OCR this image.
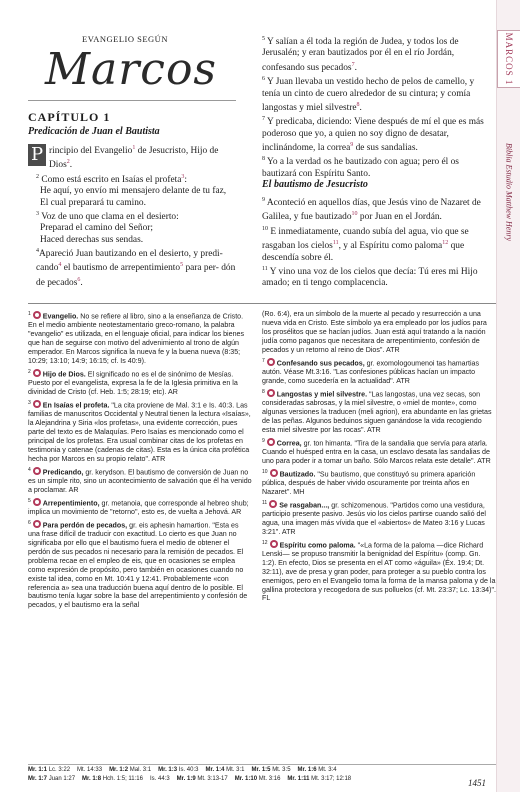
MARCOS 1
Biblia Estudio Matthew Henry
EVANGELIO SEGÚN
Marcos
CAPÍTULO 1
Predicación de Juan el Bautista

P rincipio del Evangelio$^1$ de Jesucristo, Hijo de Dios$^2$.

$^2$ Como está escrito en Isaías el profeta$^3$:

He aquí, yo envío mi mensajero delante de tu faz,

El cual preparará tu camino.

$^3$ Voz de uno que clama en el desierto:

Preparad el camino del Señor;

Haced derechas sus sendas.

$^4$Apareció Juan bautizando en el desierto, y predi- cando$^4$ el bautismo de arrepentimiento$^5$ para per- dón de pecados$^6$.

$^5$ Y salían a él toda la región de Judea, y todos los de Jerusalén; y eran bautizados por él en el río Jordán, confesando sus pecados$^7$.

$^6$ Y Juan llevaba un vestido hecho de pelos de camello, y tenía un cinto de cuero alrededor de su cintura; y comía langostas y miel silvestre$^8$.

$^7$ Y predicaba, diciendo: Viene después de mí el que es más poderoso que yo, a quien no soy digno de desatar, inclinándome, la correa$^9$ de sus sandalias.

$^8$ Yo a la verdad os he bautizado con agua; pero él os bautizará con Espíritu Santo.

El bautismo de Jesucristo

$^9$ Aconteció en aquellos días, que Jesús vino de Nazaret de Galilea, y fue bautizado$^{10}$ por Juan en el Jordán.

$^{10}$ E inmediatamente, cuando subía del agua, vio que se rasgaban los cielos$^{11}$, y al Espíritu como paloma$^{12}$ que descendía sobre él.

$^{11}$ Y vino una voz de los cielos que decía: Tú eres mi Hijo amado; en ti tengo complacencia.

$^1$ Evangelio. No se refiere al libro, sino a la enseñanza de Cristo. En el medio ambiente neotestamentario greco-romano, la palabra "evangelio" es utilizada, en el lenguaje oficial, para indicar los bienes que han de seguirse con motivo del advenimiento al trono de algún emperador. En Marcos significa la nueva fe y la buena nueva (8:35; 10:29; 13:10; 14:9; 16:15; cf. Is 40:9).

$^2$ Hijo de Dios. El significado no es el de sinónimo de Mesías. Puesto por el evangelista, expresa la fe de la Iglesia primitiva en la divinidad de Cristo (cf. Heb. 1:5; 28:19; etc). AR

$^3$ En Isaías el profeta. "La cita proviene de Mal. 3:1 e Is. 40:3. Las familias de manuscritos Occidental y Neutral tienen la lectura «Isaías», la Alejandrina y Siria «los profetas», una evidente corrección, pues parte del texto es de Malaquías. Pero Isaías es mencionado como el principal de los profetas. Era usual combinar citas de los profetas en testimonia y catenae (cadenas de citas). Esta es la única cita profética hecha por Marcos en su propio relato". ATR

$^4$ Predicando, gr. kerydson. El bautismo de conversión de Juan no es un simple rito, sino un acontecimiento de salvación que él ha venido a proclamar. AR

$^5$ Arrepentimiento, gr. metanoia, que corresponde al hebreo shub; implica un movimiento de "retorno", esto es, de vuelta a Jehová. AR

$^6$ Para perdón de pecados, gr. eis aphesin hamartion. "Esta es una frase difícil de traducir con exactitud. Lo cierto es que Juan no significaba por ello que el bautismo fuera el medio de obtener el perdón de sus pecados ni necesario para la remisión de pecados. El problema recae en el empleo de eis, que en ocasiones se emplea como expresión de propósito, pero también en ocasiones cuando no existe tal idea, como en Mt. 10:41 y 12:41. Probablemente «con referencia a» sea una traducción buena aquí dentro de lo posible. El bautismo tenía lugar sobre la base del arrepentimiento y confesión de pecados, y el bautismo era la señal

(Ro. 6:4), era un símbolo de la muerte al pecado y resurrección a una nueva vida en Cristo. Este símbolo ya era empleado por los judíos para los prosélitos que se hacían judíos. Juan está aquí tratando a la nación judía como paganos que necesitara de arrepentimiento, confesión de pecados y un retorno al reino de Dios". ATR

$^7$ Confesando sus pecados, gr. exomologoumenoi tas hamartias autón. Véase Mt.3:16. "Las confesiones públicas hacían un impacto grande, como sucedería en la actualidad". ATR

$^8$ Langostas y miel silvestre. "Las langostas, una vez secas, son consideradas sabrosas, y la miel silvestre, o «miel de monte», como algunas versiones la traducen (meli agrion), era abundante en las grietas de las peñas. Algunos beduinos siguen ganándose la vida recogiendo esta miel silvestre por las rocas". ATR

$^9$ Correa, gr. ton himanta. "Tira de la sandalia que servía para atarla. Cuando el huésped entra en la casa, un esclavo desata las sandalias de uno para poder ir a tomar un baño. Sólo Marcos relata este detalle". ATR

$^{10}$ Bautizado. "Su bautismo, que constituyó su primera aparición pública, después de haber vivido oscuramente por treinta años en Nazaret". MH

$^{11}$ Se rasgaban..., gr. schizomenous. "Partidos como una vestidura, participio presente pasivo. Jesús vio los cielos partirse cuando salió del agua, una imagen más vívida que el «abiertos» de Mateo 3:16 y Lucas 3:21". ATR

$^{12}$ Espíritu como paloma. "«La forma de la paloma —dice Richard Lenski— se propuso transmitir la benignidad del Espíritu» (comp. Gn. 1:2). En efecto, Dios se presenta en el AT como «águila» (Éx. 19:4; Dt. 32:11), ave de presa y gran poder, para proteger a su pueblo contra los enemigos, pero en el Evangelio toma la forma de la mansa paloma y de la gallina protectora y recogedora de sus polluelos (cf. Mt. 23:37; Lc. 13:34)". FL

Mr. 1:1 Lc. 3:22 Mt. 14:33 Mr. 1:2 Mal. 3:1 Mr. 1:3 Is. 40:3 Mr. 1:4 Mt. 3:1 Mr. 1:5 Mt. 3:5 Mr. 1:6 Mt. 3:4
Mr. 1:7 Juan 1:27 Mr. 1:8 Hch. 1:5; 11:16 Is. 44:3 Mr. 1:9 Mt. 3:13-17 Mr. 1:10 Mt. 3:16 Mr. 1:11 Mt. 3:17; 12:18	1451
